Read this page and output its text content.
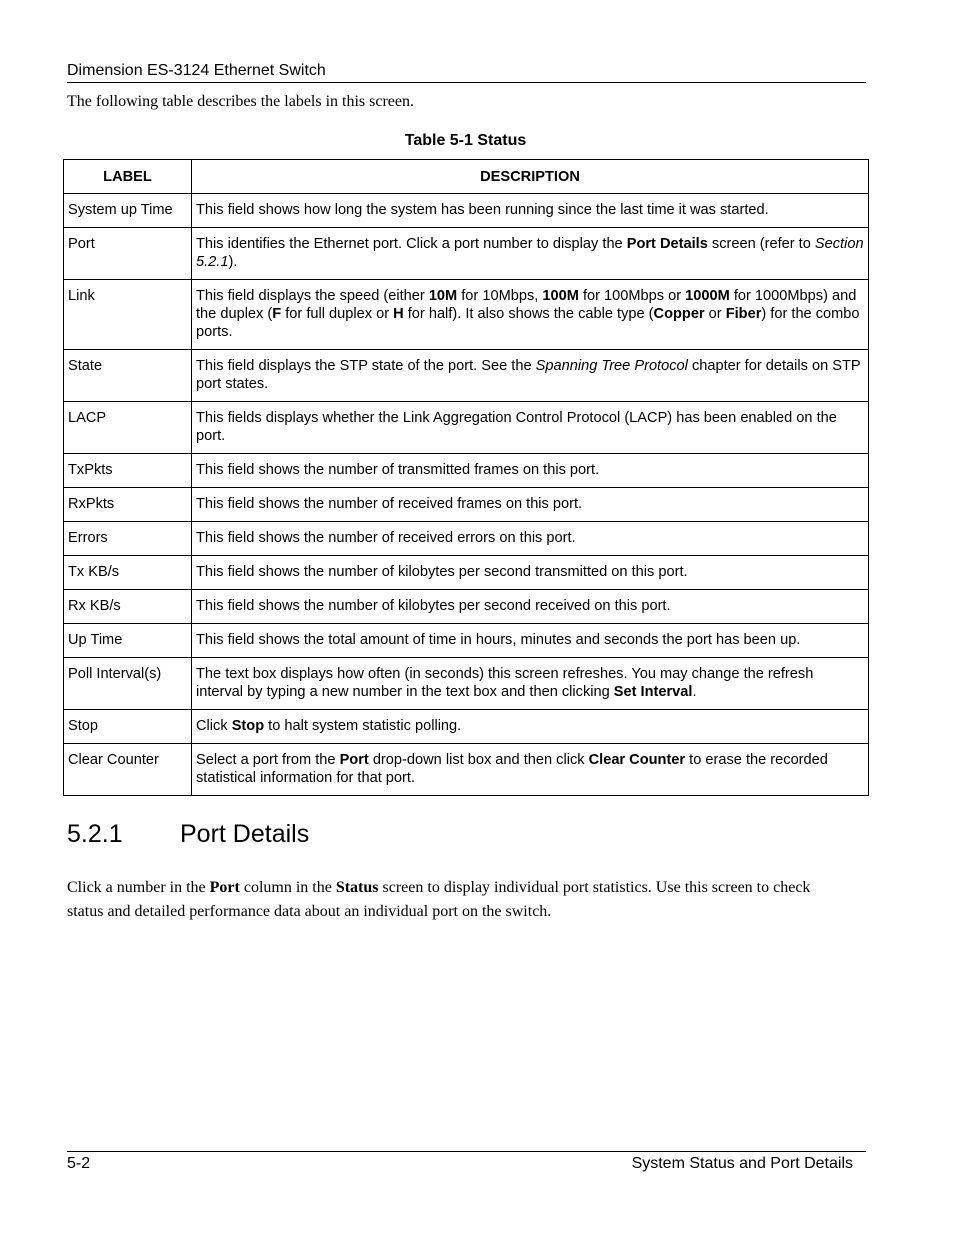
Dimension ES-3124 Ethernet Switch

The following table describes the labels in this screen.

Table 5-1 Status
LABEL	DESCRIPTION
System up Time	This field shows how long the system has been running since the last time it was started.
Port	This identifies the Ethernet port. Click a port number to display the Port Details screen (refer to Section 5.2.1).
Link	This field displays the speed (either 10M for 10Mbps, 100M for 100Mbps or 1000M for 1000Mbps) and the duplex (F for full duplex or H for half). It also shows the cable type (Copper or Fiber) for the combo ports.
State	This field displays the STP state of the port. See the Spanning Tree Protocol chapter for details on STP port states.
LACP	This fields displays whether the Link Aggregation Control Protocol (LACP) has been enabled on the port.
TxPkts	This field shows the number of transmitted frames on this port.
RxPkts	This field shows the number of received frames on this port.
Errors	This field shows the number of received errors on this port.
Tx KB/s	This field shows the number of kilobytes per second transmitted on this port.
Rx KB/s	This field shows the number of kilobytes per second received on this port.
Up Time	This field shows the total amount of time in hours, minutes and seconds the port has been up.
Poll Interval(s)	The text box displays how often (in seconds) this screen refreshes. You may change the refresh interval by typing a new number in the text box and then clicking Set Interval.
Stop	Click Stop to halt system statistic polling.
Clear Counter	Select a port from the Port drop-down list box and then click Clear Counter to erase the recorded statistical information for that port.
5.2.1 Port Details

Click a number in the Port column in the Status screen to display individual port statistics. Use this screen to check status and detailed performance data about an individual port on the switch.

5-2	System Status and Port Details
